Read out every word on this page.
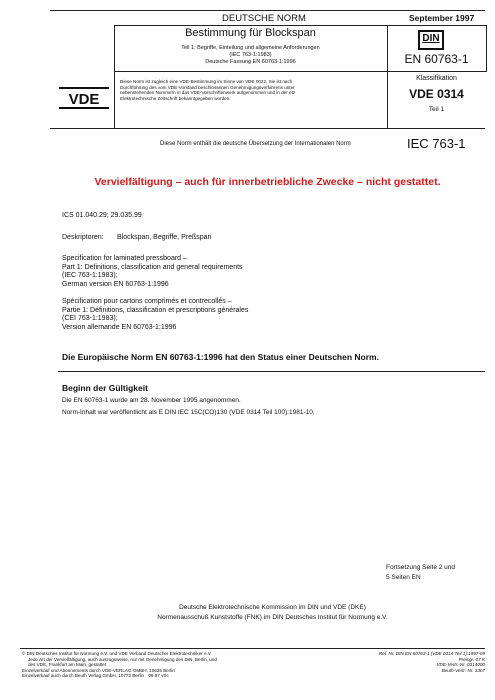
DEUTSCHE NORM	September 1997
Bestimmung für Blockspan
Teil 1: Begriffe, Einteilung und allgemeine Anforderungen
(IEC 763-1:1983)
Deutsche Fassung EN 60763-1:1996
DIN
EN 60763-1
VDE
Diese Norm ist zugleich eine VDE-Bestimmung im Sinne von VDE 0022. Sie ist nach
Durchführung des vom VDE-Vorstand beschlossenen Genehmigungsverfahrens unter
nebenstehenden Nummern in das VDE-Vorschriftenwerk aufgenommen und in der etz
Elektrotechnische Zeitschrift bekanntgegeben worden.
Klassifikation
VDE 0314
Teil 1
Diese Norm enthält die deutsche Übersetzung der Internationalen Norm	IEC 763-1
Vervielfältigung – auch für innerbetriebliche Zwecke – nicht gestattet.
ICS 01.040.29; 29.035.99
Deskriptoren: Blockspan, Begriffe, Preßspan
Specification for laminated pressboard –
Part 1: Definitions, classification and general requirements
(IEC 763-1:1983);
German version EN 60763-1:1996
Spécification pour cartons comprimés et contrecollés –
Partie 1: Définitions, classification et prescriptions générales
(CEI 763-1:1983);
Version allemande EN 60763-1:1996
Die Europäische Norm EN 60763-1:1996 hat den Status einer Deutschen Norm.
Beginn der Gültigkeit
Die EN 60763-1 wurde am 28. November 1995 angenommen.
Norm-Inhalt war veröffentlicht als E DIN IEC 15C(CO)130 (VDE 0314 Teil 100):1981-10.
Fortsetzung Seite 2 und
5 Seiten EN
Deutsche Elektrotechnische Kommission im DIN und VDE (DKE)
Normenausschuß Kunststoffe (FNK) im DIN Deutsches Institut für Normung e.V.
© DIN Deutsches Institut für Normung e.V. und VDE Verband Deutscher Elektrotechniker e.V.
Jede Art der Vervielfältigung, auch auszugsweise, nur mit Genehmigung des DIN, Berlin, und
des VDE, Frankfurt am Main, gestattet
Einzelverkauf und Abonnements durch VDE-VERLAG GMBH, 10625 Berlin
Einzelverkauf auch durch Beuth Verlag GmbH, 10772 Berlin 09.97 vSc
Ref. Nr. DIN EN 60763-1 (VDE 0314 Teil 1):1997-09
Preisgr. 07 K
VDE-Vertr.-Nr. 0314000
Beuth-Vertr.-Nr. 3307
